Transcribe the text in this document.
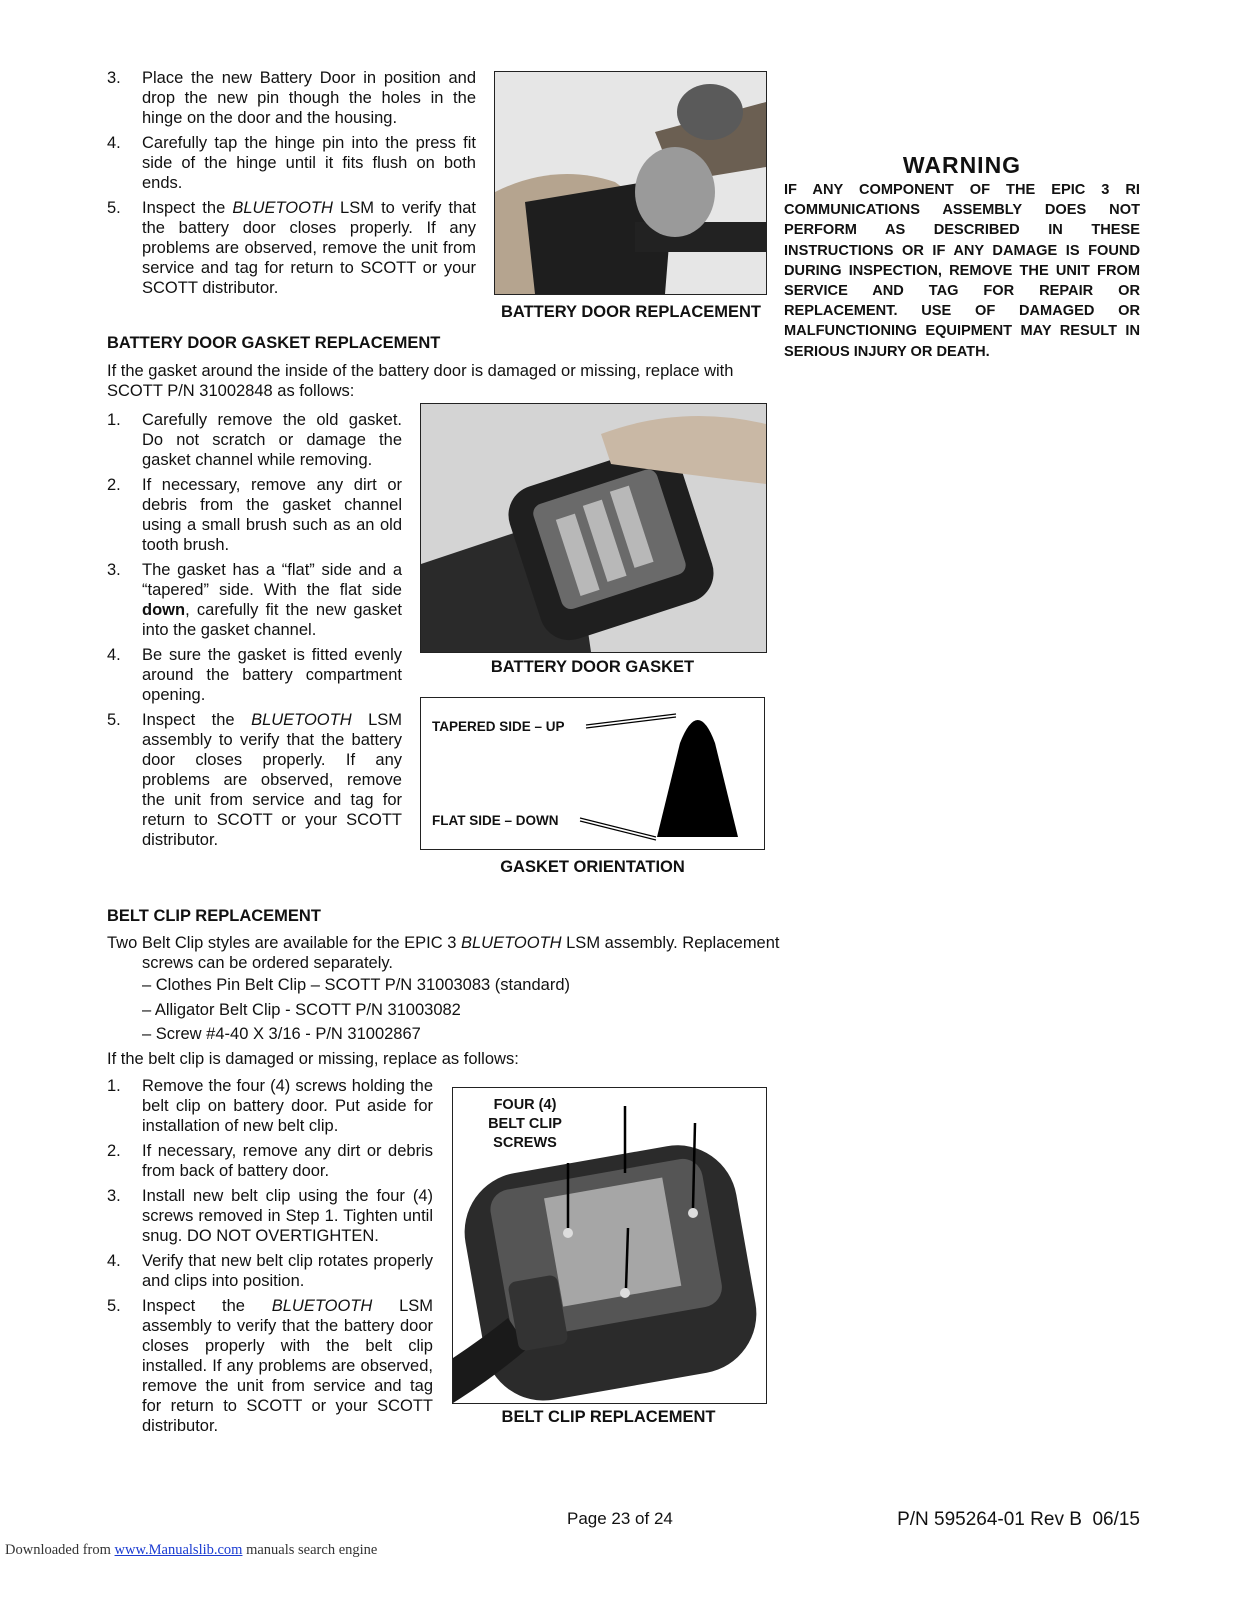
3. Place the new Battery Door in position and drop the new pin though the holes in the hinge on the door and the housing.
4. Carefully tap the hinge pin into the press fit side of the hinge until it fits flush on both ends.
5. Inspect the BLUETOOTH LSM to verify that the battery door closes properly. If any problems are observed, remove the unit from service and tag for return to SCOTT or your SCOTT distributor.
BATTERY DOOR REPLACEMENT
WARNING
IF ANY COMPONENT OF THE EPIC 3 RI COMMUNICATIONS ASSEMBLY DOES NOT PERFORM AS DESCRIBED IN THESE INSTRUCTIONS OR IF ANY DAMAGE IS FOUND DURING INSPECTION, REMOVE THE UNIT FROM SERVICE AND TAG FOR REPAIR OR REPLACEMENT. USE OF DAMAGED OR MALFUNCTIONING EQUIPMENT MAY RESULT IN SERIOUS INJURY OR DEATH.
BATTERY DOOR GASKET REPLACEMENT
If the gasket around the inside of the battery door is damaged or missing, replace with SCOTT P/N 31002848 as follows:
1. Carefully remove the old gasket. Do not scratch or damage the gasket channel while removing.
2. If necessary, remove any dirt or debris from the gasket channel using a small brush such as an old tooth brush.
3. The gasket has a “flat” side and a “tapered” side. With the flat side down, carefully fit the new gasket into the gasket channel.
4. Be sure the gasket is fitted evenly around the battery compartment opening.
5. Inspect the BLUETOOTH LSM assembly to verify that the battery door closes properly. If any problems are observed, remove the unit from service and tag for return to SCOTT or your SCOTT distributor.
BATTERY DOOR GASKET
TAPERED SIDE – UP
FLAT SIDE – DOWN
GASKET ORIENTATION
BELT CLIP REPLACEMENT
Two Belt Clip styles are available for the EPIC 3 BLUETOOTH LSM assembly. Replacement screws can be ordered separately.
– Clothes Pin Belt Clip – SCOTT P/N 31003083 (standard)
– Alligator Belt Clip - SCOTT P/N 31003082
– Screw #4-40 X 3/16 - P/N 31002867
If the belt clip is damaged or missing, replace as follows:
1. Remove the four (4) screws holding the belt clip on battery door. Put aside for installation of new belt clip.
2. If necessary, remove any dirt or debris from back of battery door.
3. Install new belt clip using the four (4) screws removed in Step 1. Tighten until snug. DO NOT OVERTIGHTEN.
4. Verify that new belt clip rotates properly and clips into position.
5. Inspect the BLUETOOTH LSM assembly to verify that the battery door closes properly with the belt clip installed. If any problems are observed, remove the unit from service and tag for return to SCOTT or your SCOTT distributor.
FOUR (4)
BELT CLIP
SCREWS
BELT CLIP REPLACEMENT
Page 23 of 24	P/N 595264-01 Rev B  06/15
Downloaded from www.Manualslib.com manuals search engine
